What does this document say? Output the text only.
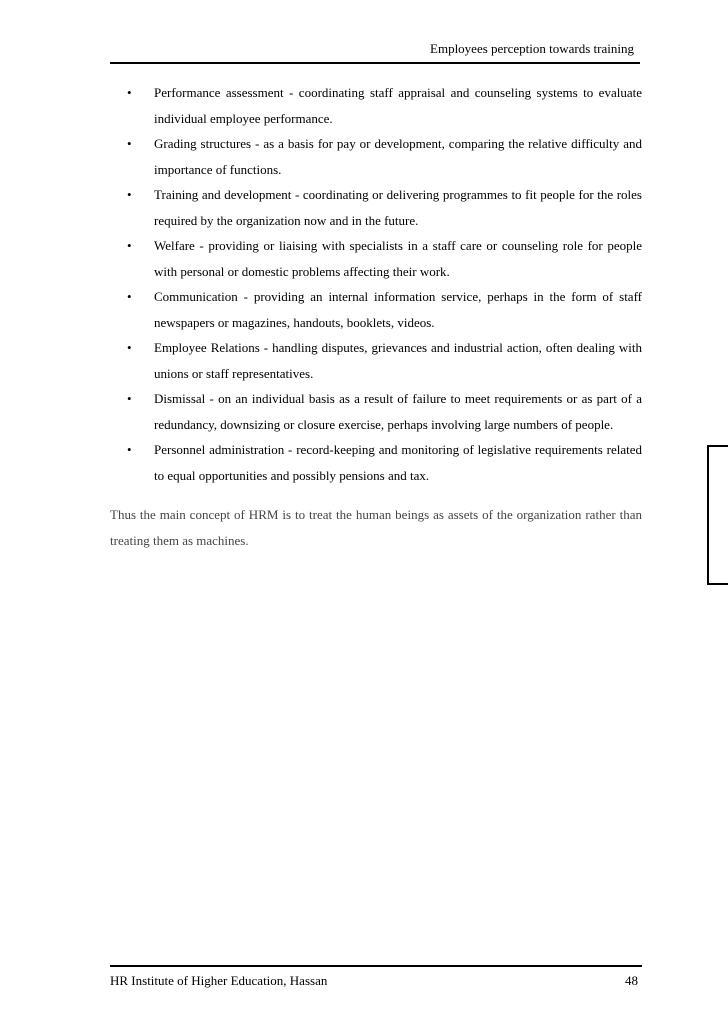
Employees perception towards training
• Performance assessment - coordinating staff appraisal and counseling systems to evaluate individual employee performance.
• Grading structures - as a basis for pay or development, comparing the relative difficulty and importance of functions.
• Training and development - coordinating or delivering programmes to fit people for the roles required by the organization now and in the future.
• Welfare - providing or liaising with specialists in a staff care or counseling role for people with personal or domestic problems affecting their work.
• Communication - providing an internal information service, perhaps in the form of staff newspapers or magazines, handouts, booklets, videos.
• Employee Relations - handling disputes, grievances and industrial action, often dealing with unions or staff representatives.
• Dismissal - on an individual basis as a result of failure to meet requirements or as part of a redundancy, downsizing or closure exercise, perhaps involving large numbers of people.
• Personnel administration - record-keeping and monitoring of legislative requirements related to equal opportunities and possibly pensions and tax.

Thus the main concept of HRM is to treat the human beings as assets of the organization rather than treating them as machines.

HR Institute of Higher Education, Hassan	48
